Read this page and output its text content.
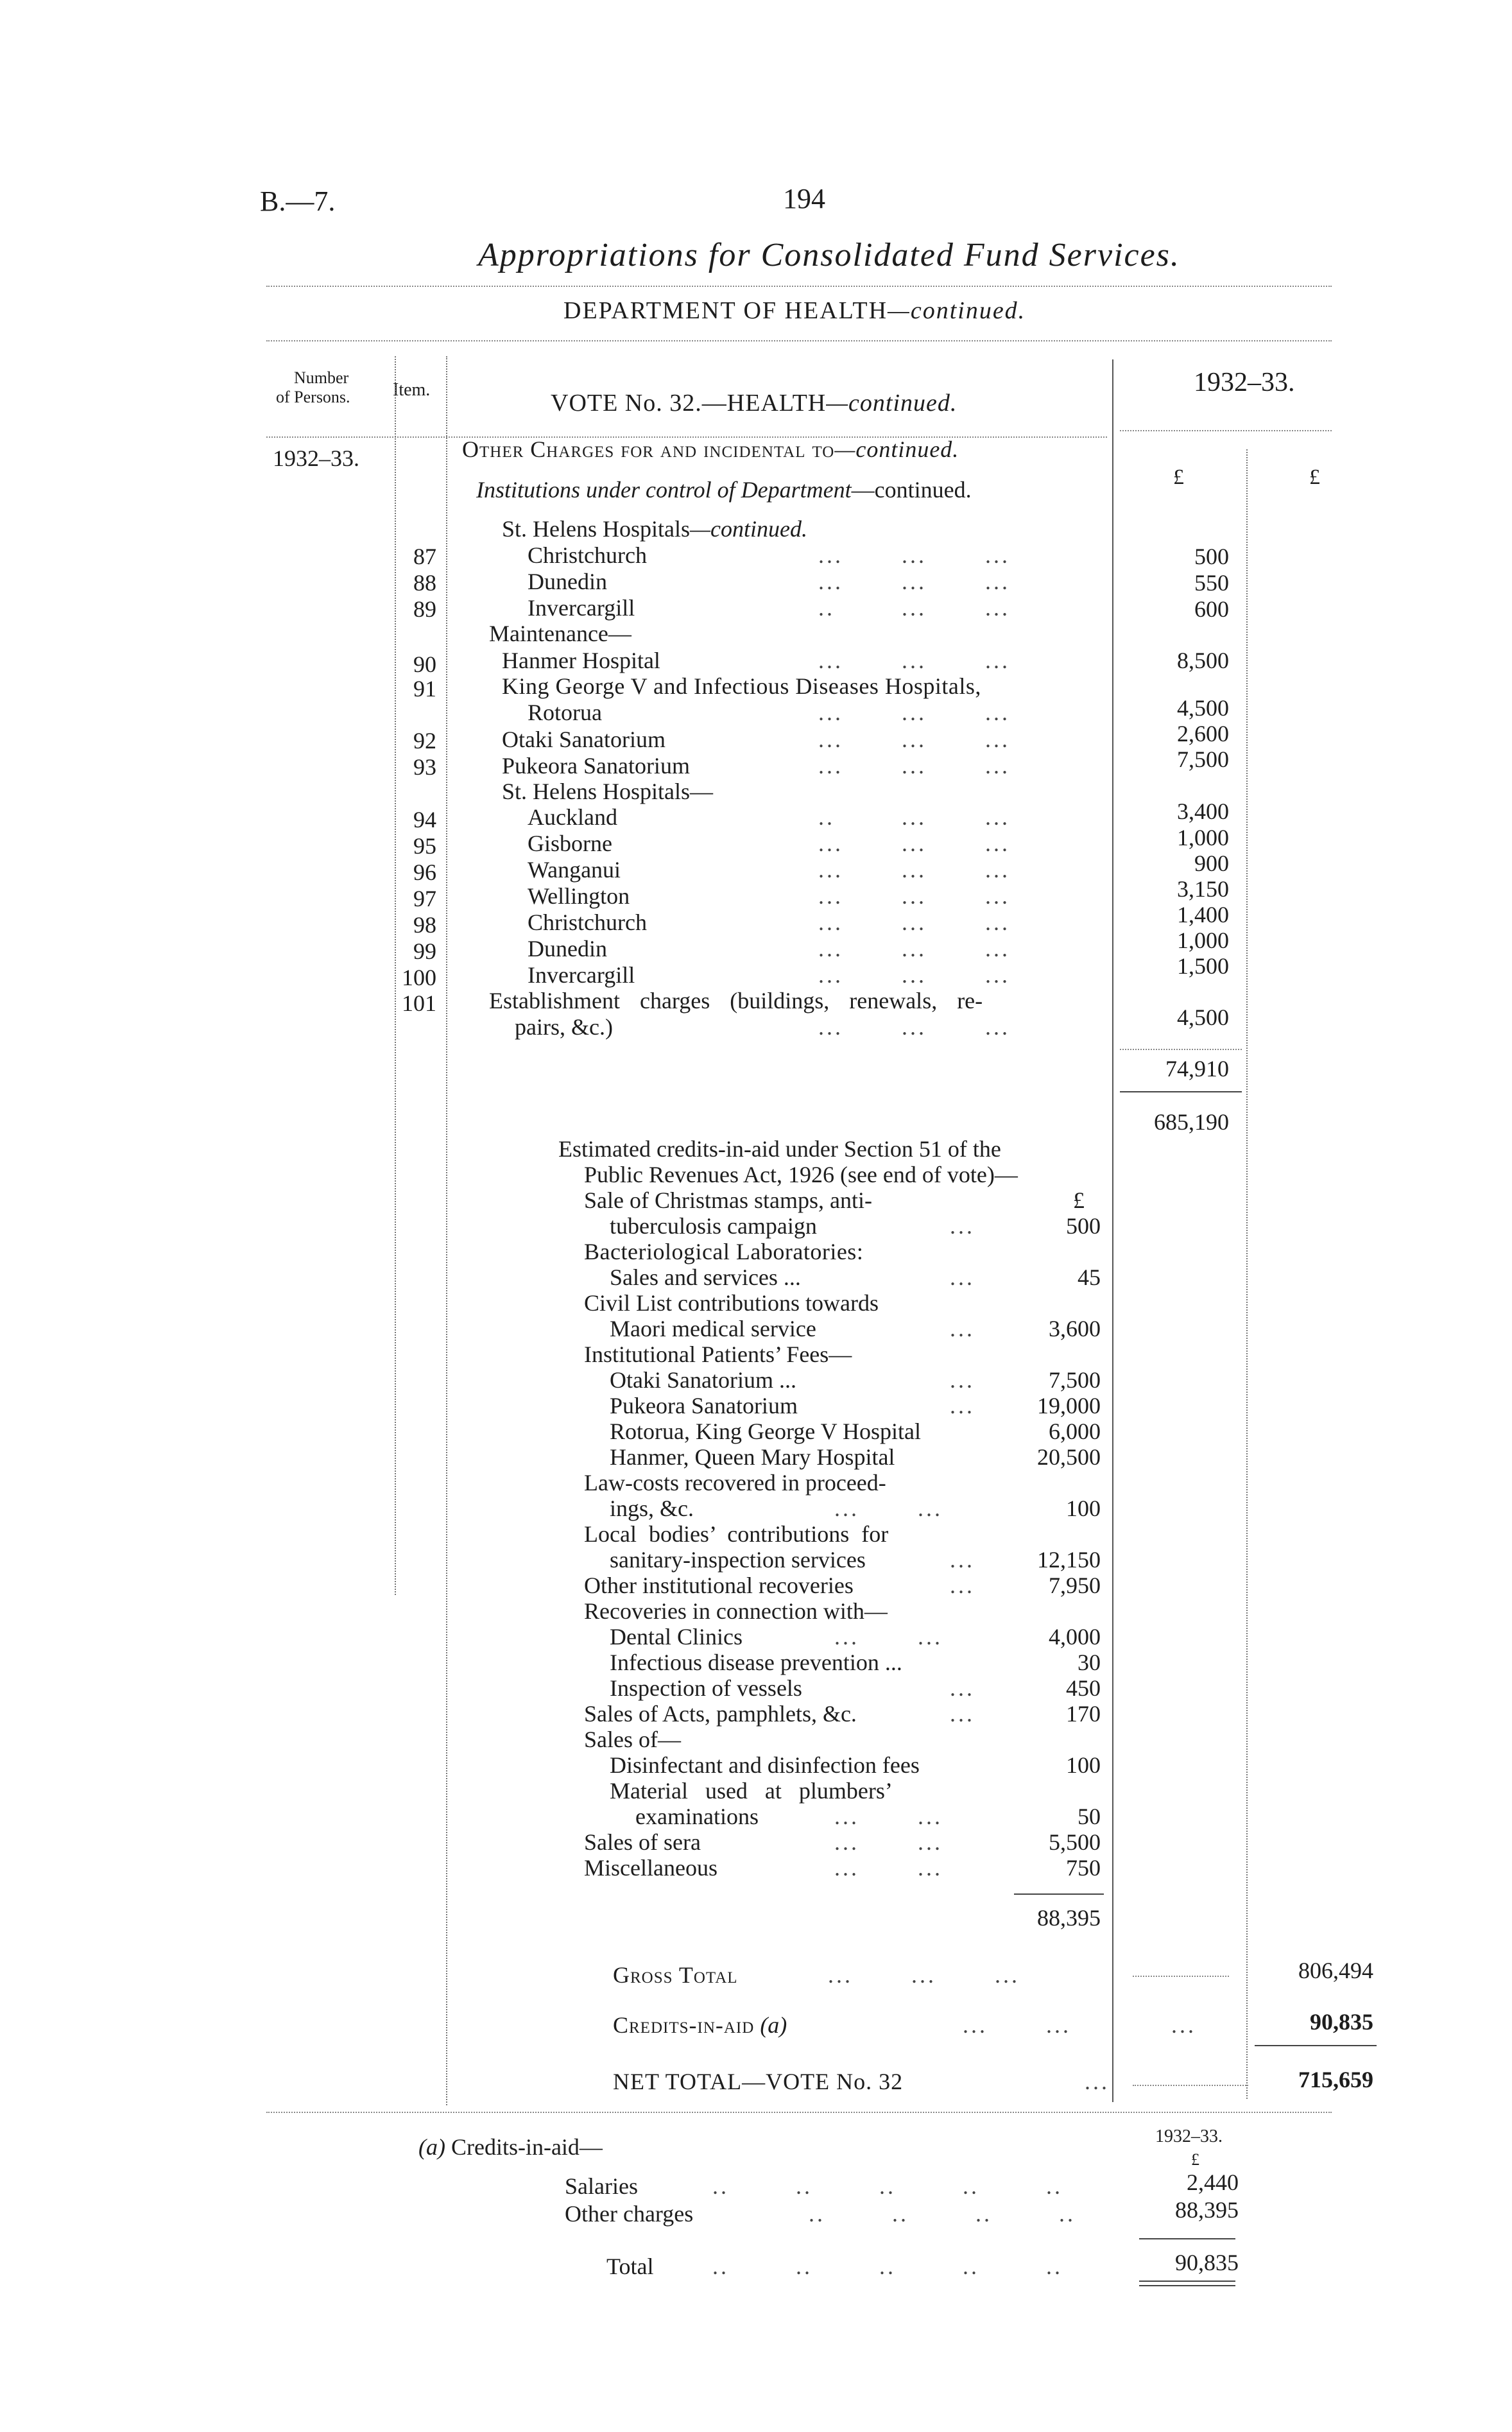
B.—7.	194
Appropriations for Consolidated Fund Services.
DEPARTMENT OF HEALTH—continued.
Number
of Persons. Item.	VOTE No. 32.—HEALTH—continued.
1932–33.
1932–33.
£	£
Other Charges for and incidental to—continued.
Institutions under control of Department—continued.
St. Helens Hospitals—continued.
87	Christchurch	...       ...       ...	500
88	Dunedin	...       ...       ...	550
89	Invercargill	..        ...       ...	600
Maintenance—
90	Hanmer Hospital	...       ...       ...	8,500
91	King George V and Infectious Diseases Hospitals,
Rotorua	...       ...       ...	4,500
92	Otaki Sanatorium	...       ...       ...	2,600
93	Pukeora Sanatorium	...       ...       ...	7,500
St. Helens Hospitals—
94	Auckland	..        ...       ...	3,400
95	Gisborne	...       ...       ...	1,000
96	Wanganui	...       ...       ...	900
97	Wellington	...       ...       ...	3,150
98	Christchurch	...       ...       ...	1,400
99	Dunedin	...       ...       ...	1,000
100	Invercargill	...       ...       ...	1,500
101 Establishment charges (buildings, renewals, re-
pairs, &c.)	...       ...       ...	4,500
74,910
685,190
Estimated credits-in-aid under Section 51 of the
Public Revenues Act, 1926 (see end of vote)—
£
Sale of Christmas stamps, anti-
tuberculosis campaign	...	500
Bacteriological Laboratories:
Sales and services ...	...	45
Civil List contributions towards
Maori medical service	...	3,600
Institutional Patients’ Fees—
Otaki Sanatorium ...	...	7,500
Pukeora Sanatorium	...	19,000
Rotorua, King George V Hospital	6,000
Hanmer, Queen Mary Hospital	20,500
Law-costs recovered in proceed-
ings, &c.	...       ...	100
Local bodies’ contributions for
sanitary-inspection services	...	12,150
Other institutional recoveries	...	7,950
Recoveries in connection with—
Dental Clinics	...       ...	4,000
Infectious disease prevention ...	30
Inspection of vessels	...	450
Sales of Acts, pamphlets, &c.	...	170
Sales of—
Disinfectant and disinfection fees	100
Material used at plumbers’
examinations	...       ...	50
Sales of sera	...       ...	5,500
Miscellaneous	...       ...	750
88,395
Gross Total	...       ...       ...	806,494
Credits-in-aid (a)	...       ...	...	90,835
NET TOTAL—VOTE No. 32	...	715,659
(a) Credits-in-aid—	1932–33.
£
Salaries	..        ..        ..        ..        ..	2,440
Other charges	..        ..        ..        ..	88,395
Total	..        ..        ..        ..        ..	90,835
